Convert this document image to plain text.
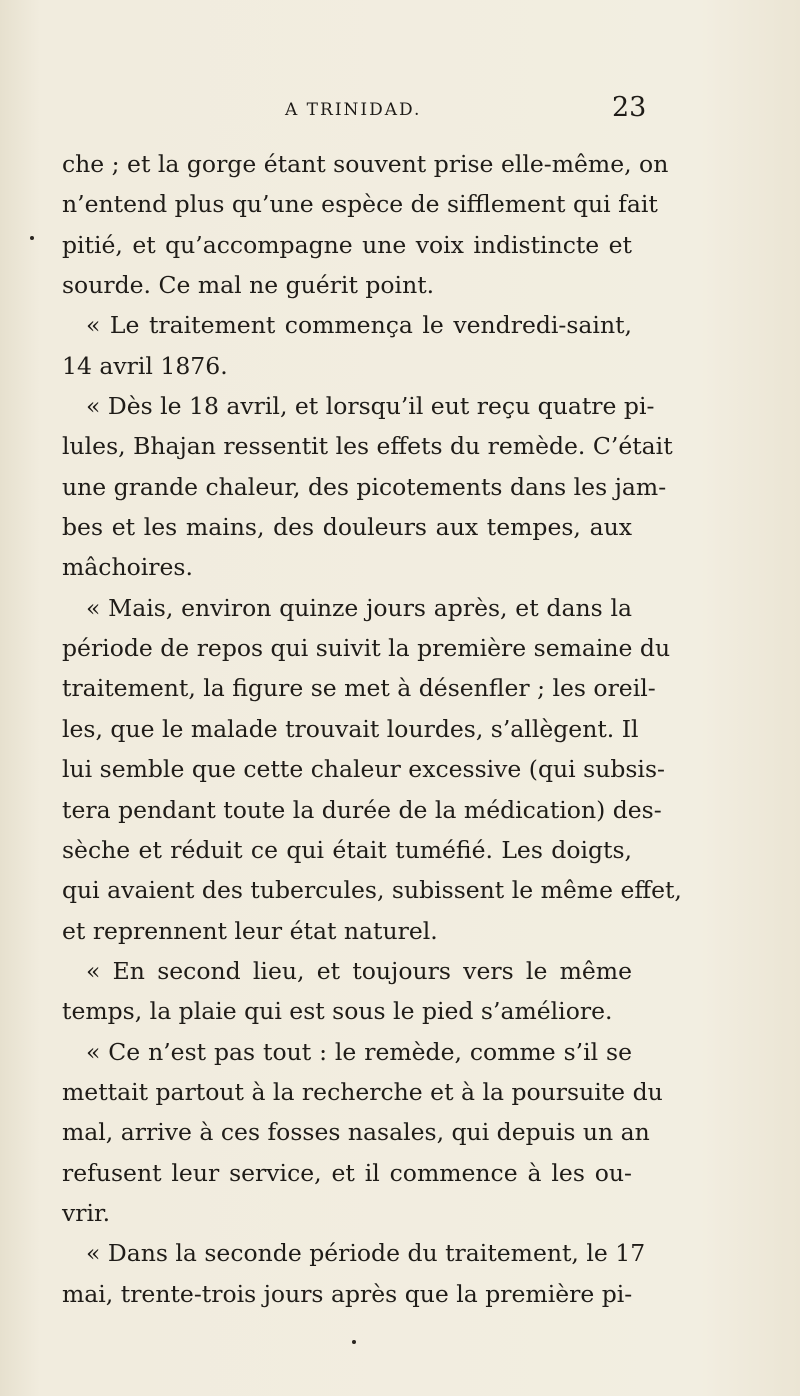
A TRINIDAD.	23
che ; et la gorge étant souvent prise elle-même, on
n’entend plus qu’une espèce de sifflement qui fait
pitié, et qu’accompagne une voix indistincte et
sourde. Ce mal ne guérit point.
« Le traitement commença le vendredi-saint,
14 avril 1876.
« Dès le 18 avril, et lorsqu’il eut reçu quatre pi-
lules, Bhajan ressentit les effets du remède. C’était
une grande chaleur, des picotements dans les jam-
bes et les mains, des douleurs aux tempes, aux
mâchoires.
« Mais, environ quinze jours après, et dans la
période de repos qui suivit la première semaine du
traitement, la figure se met à désenfler ; les oreil-
les, que le malade trouvait lourdes, s’allègent. Il
lui semble que cette chaleur excessive (qui subsis-
tera pendant toute la durée de la médication) des-
sèche et réduit ce qui était tuméfié. Les doigts,
qui avaient des tubercules, subissent le même effet,
et reprennent leur état naturel.
« En second lieu, et toujours vers le même
temps, la plaie qui est sous le pied s’améliore.
« Ce n’est pas tout : le remède, comme s’il se
mettait partout à la recherche et à la poursuite du
mal, arrive à ces fosses nasales, qui depuis un an
refusent leur service, et il commence à les ou-
vrir.
« Dans la seconde période du traitement, le 17
mai, trente-trois jours après que la première pi-
